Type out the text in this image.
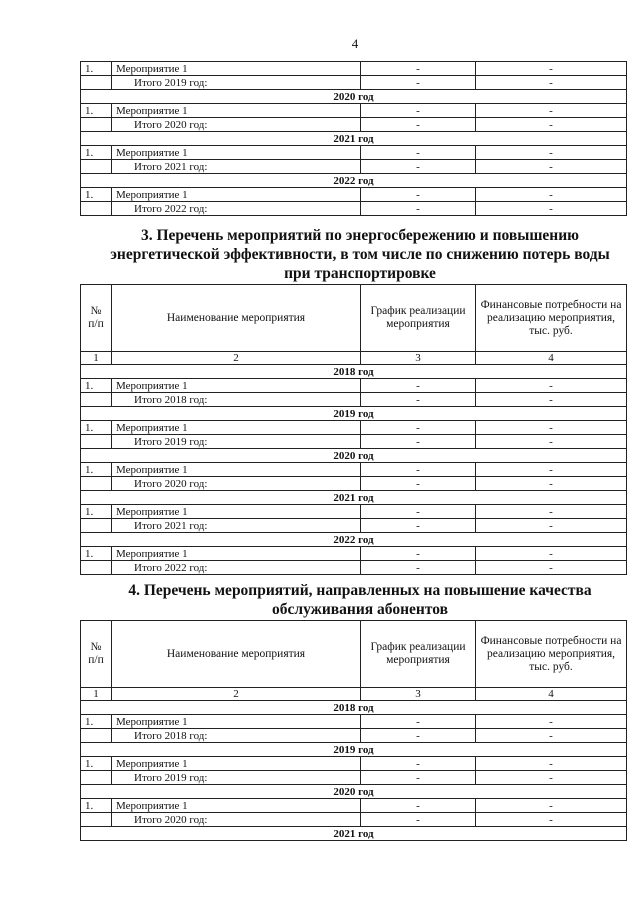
4
1.	Мероприятие 1	-	-
	Итого 2019 год:	-	-
2020 год			
1.	Мероприятие 1	-	-
	Итого 2020 год:	-	-
2021 год			
1.	Мероприятие 1	-	-
	Итого 2021 год:	-	-
2022 год			
1.	Мероприятие 1	-	-
	Итого 2022 год:	-	-
3. Перечень мероприятий по энергосбережению и повышению
энергетической эффективности, в том числе по снижению потерь воды
при транспортировке
№ п/п	Наименование мероприятия	График реализации мероприятия	Финансовые потребности на реализацию мероприятия, тыс. руб.
1	2	3	4
2018 год			
1.	Мероприятие 1	-	-
	Итого 2018 год:	-	-
2019 год			
1.	Мероприятие 1	-	-
	Итого 2019 год:	-	-
2020 год			
1.	Мероприятие 1	-	-
	Итого 2020 год:	-	-
2021 год			
1.	Мероприятие 1	-	-
	Итого 2021 год:	-	-
2022 год			
1.	Мероприятие 1	-	-
	Итого 2022 год:	-	-
4. Перечень мероприятий, направленных на повышение качества
обслуживания абонентов
№ п/п	Наименование мероприятия	График реализации мероприятия	Финансовые потребности на реализацию мероприятия, тыс. руб.
1	2	3	4
2018 год			
1.	Мероприятие 1	-	-
	Итого 2018 год:	-	-
2019 год			
1.	Мероприятие 1	-	-
	Итого 2019 год:	-	-
2020 год			
1.	Мероприятие 1	-	-
	Итого 2020 год:	-	-
2021 год			
